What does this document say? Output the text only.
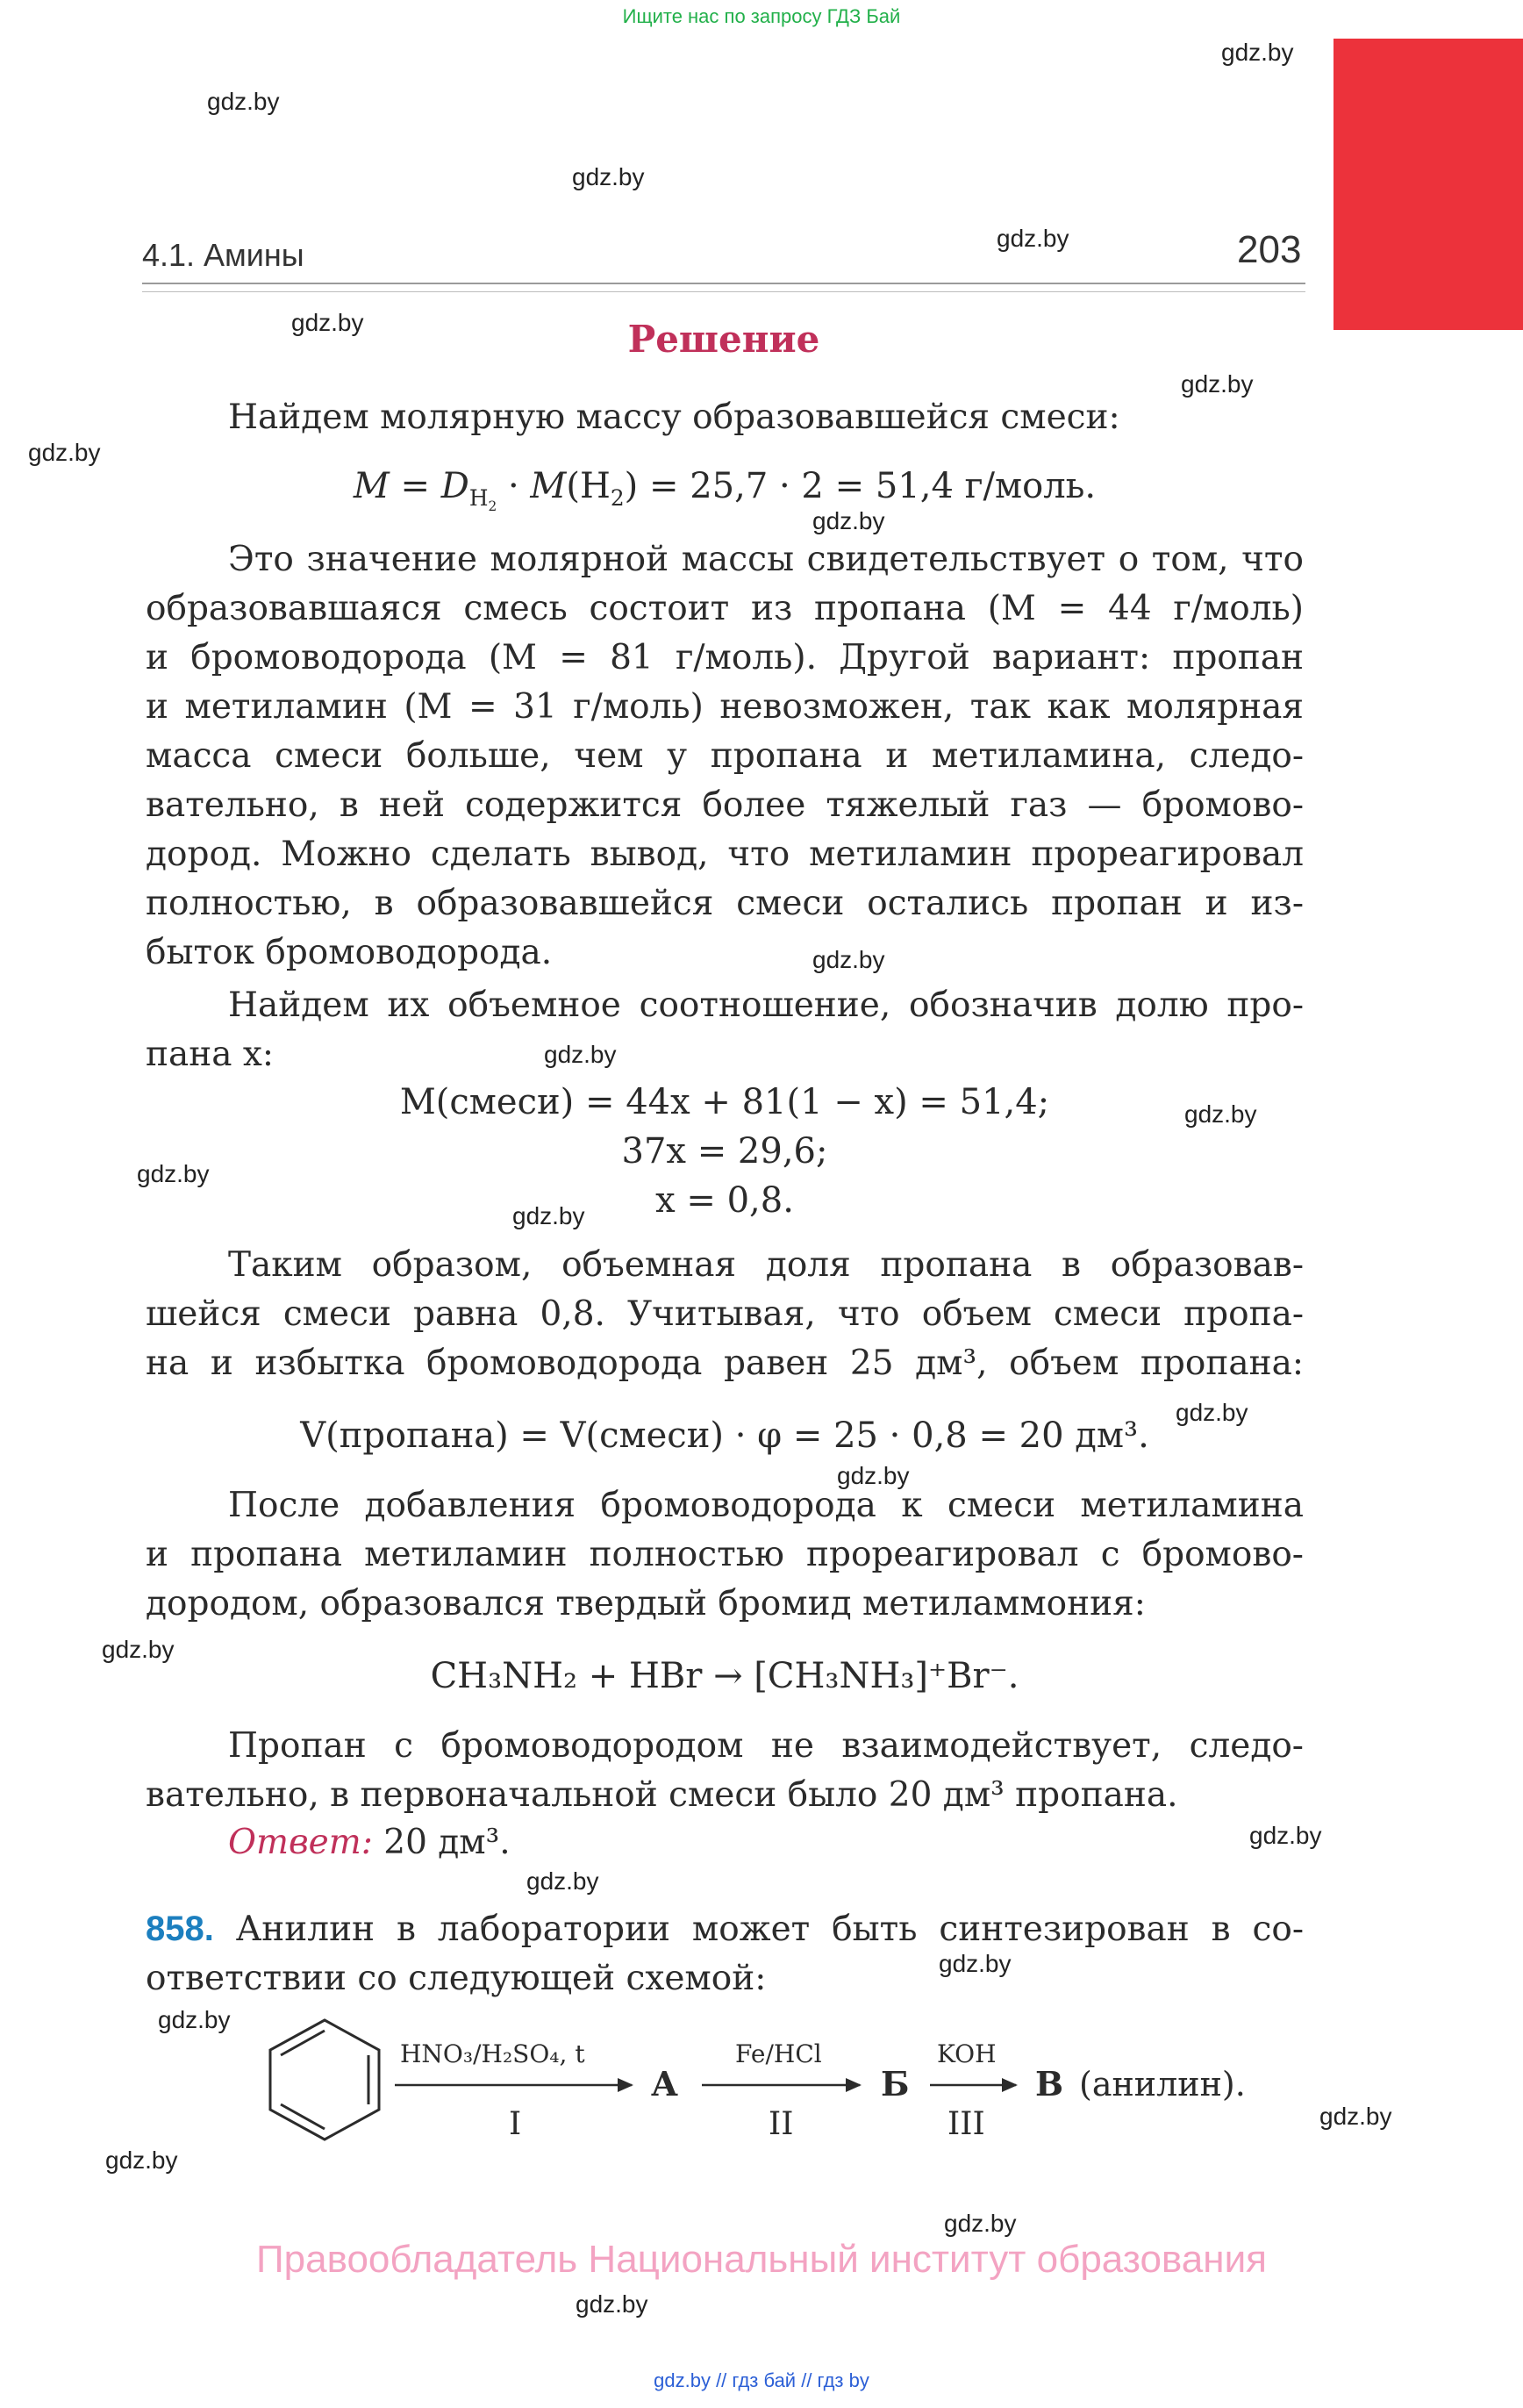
Ищите нас по запросу ГДЗ Бай
gdz.by
gdz.by
gdz.by
gdz.by
4.1. Амины	203
gdz.by	Решение
gdz.by
gdz.by
Найдем молярную массу образовавшейся смеси:
$M = D_{H_2} \cdot M(H_2) = 25,7 \cdot 2 = 51,4$ г/моль.
gdz.by
Это значение молярной массы свидетельствует о том, что
образовавшаяся смесь состоит из пропана (M = 44 г/моль)
и бромоводорода (M = 81 г/моль). Другой вариант: пропан
и метиламин (M = 31 г/моль) невозможен, так как молярная
масса смеси больше, чем у пропана и метиламина, следо-
вательно, в ней содержится более тяжелый газ — бромово-
дород. Можно сделать вывод, что метиламин прореагировал
полностью, в образовавшейся смеси остались пропан и из-
быток бромоводорода.	gdz.by
Найдем их объемное соотношение, обозначив долю про-
пана x:	gdz.by
gdz.by
gdz.by
M(смеси) = 44x + 81(1 − x) = 51,4;
37x = 29,6;
x = 0,8.
gdz.by
Таким образом, объемная доля пропана в образовав-
шейся смеси равна 0,8. Учитывая, что объем смеси пропа-
на и избытка бромоводорода равен 25 дм³, объем пропана:
V(пропана) = V(смеси) · φ = 25 · 0,8 = 20 дм³.
gdz.by
gdz.by
После добавления бромоводорода к смеси метиламина
и пропана метиламин полностью прореагировал с бромово-
дородом, образовался твердый бромид метиламмония:
gdz.by
CH₃NH₂ + HBr → [CH₃NH₃]⁺Br⁻.
Пропан с бромоводородом не взаимодействует, следо-
вательно, в первоначальной смеси было 20 дм³ пропана.
gdz.by
Ответ: 20 дм³.
gdz.by
858. Анилин в лаборатории может быть синтезирован в со-
ответствии со следующей схемой:	gdz.by
gdz.by
HNO₃/H₂SO₄, t
I
А
Fe/HCl
II
Б
KOH
III
В (анилин).
gdz.by
gdz.by
gdz.by
Правообладатель Национальный институт образования
gdz.by
gdz.by // гдз бай // гдз by
